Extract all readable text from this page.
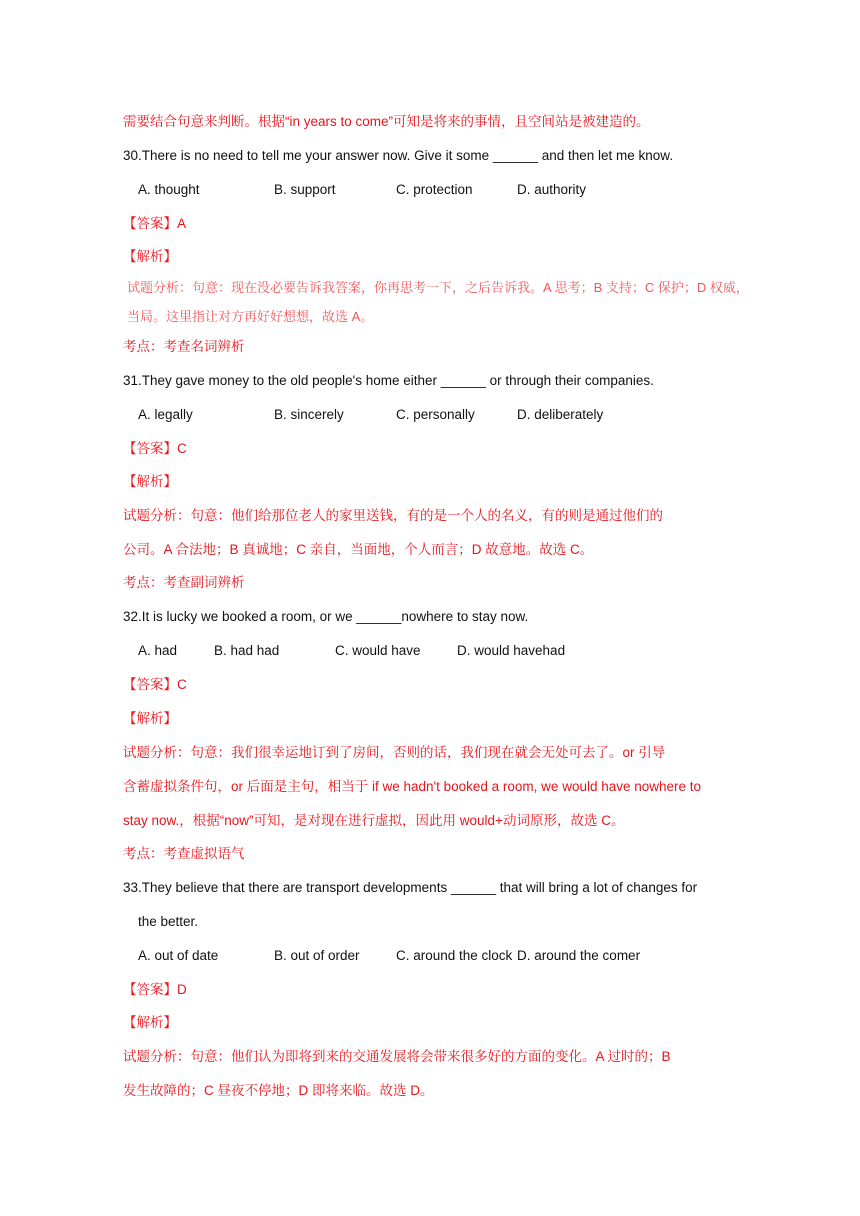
需要结合句意来判断。根据“in years to come”可知是将来的事情，且空间站是被建造的。
30.There is no need to tell me your answer now. Give it some ______ and then let me know.
A. thought	B. support	C. protection	D. authority
【答案】A
【解析】
试题分析：句意：现在没必要告诉我答案，你再思考一下，之后告诉我。A 思考；B 支持；C 保护；D 权威，
当局。这里指让对方再好好想想，故选 A。
考点：考查名词辨析
31.They gave money to the old people's home either ______ or through their companies.
A. legally	B. sincerely	C. personally	D. deliberately
【答案】C
【解析】
试题分析：句意：他们给那位老人的家里送钱，有的是一个人的名义，有的则是通过他们的
公司。A 合法地；B 真诚地；C 亲自，当面地，个人而言；D 故意地。故选 C。
考点：考查副词辨析
32.It is lucky we booked a room, or we ______nowhere to stay now.
A. had	B. had had	C. would have	D. would havehad
【答案】C
【解析】
试题分析：句意：我们很幸运地订到了房间，否则的话，我们现在就会无处可去了。or 引导
含蓄虚拟条件句，or 后面是主句，相当于 if we hadn't booked a room, we would have nowhere to
stay now.，根据“now”可知，是对现在进行虚拟，因此用 would+动词原形，故选 C。
考点：考查虚拟语气
33.They believe that there are transport developments ______ that will bring a lot of changes for
the better.
A. out of date	B. out of order	C. around the clock D. around the comer
【答案】D
【解析】
试题分析：句意：他们认为即将到来的交通发展将会带来很多好的方面的变化。A 过时的；B
发生故障的；C 昼夜不停地；D 即将来临。故选 D。
